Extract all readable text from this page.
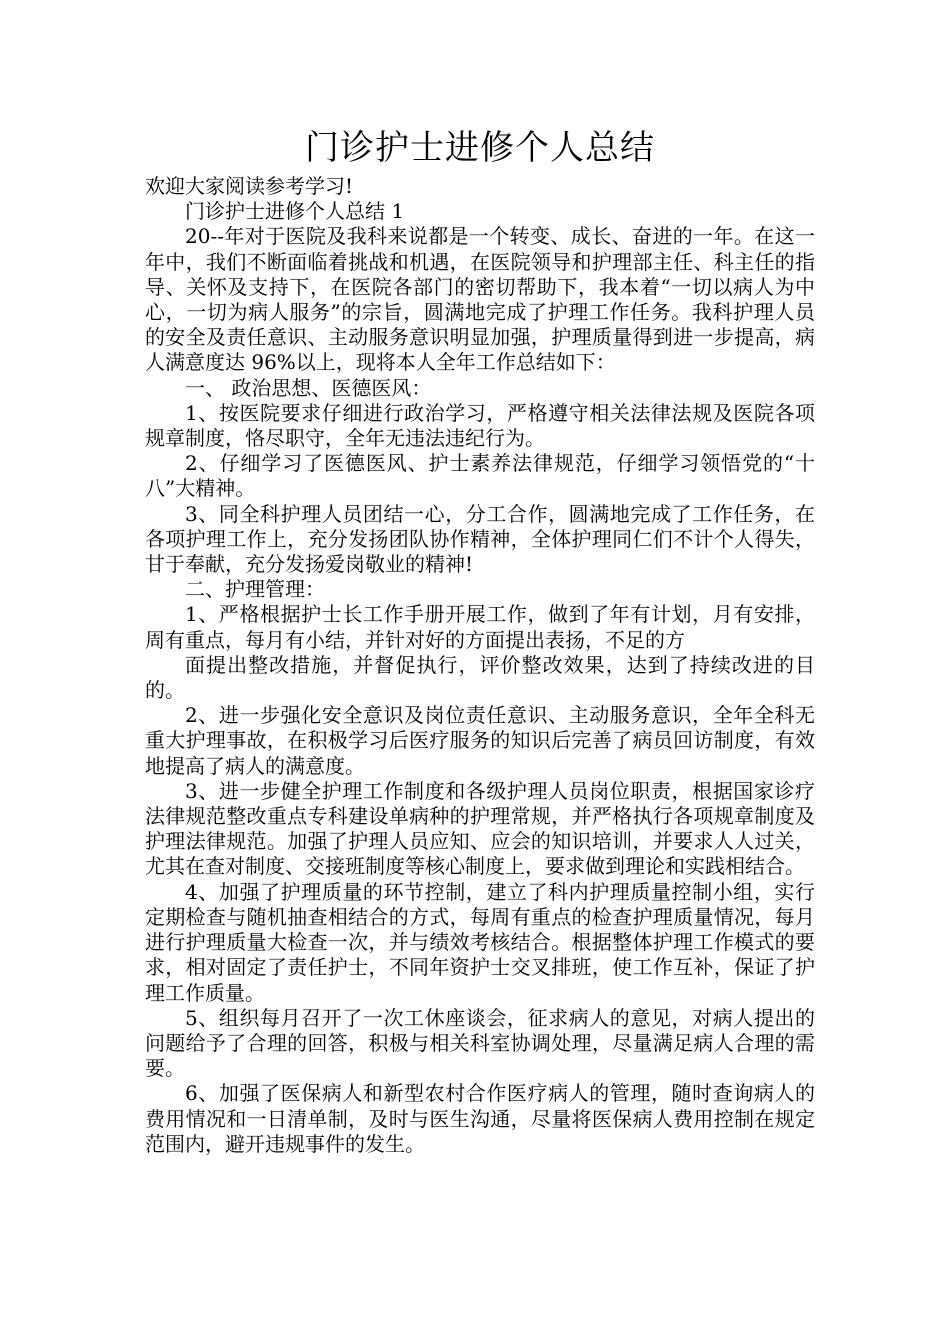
门诊护士进修个人总结

欢迎大家阅读参考学习!

门诊护士进修个人总结 1

20--年对于医院及我科来说都是一个转变、成长、奋进的一年。在这一年中，我们不断面临着挑战和机遇，在医院领导和护理部主任、科主任的指导、关怀及支持下，在医院各部门的密切帮助下，我本着“一切以病人为中心，一切为病人服务”的宗旨，圆满地完成了护理工作任务。我科护理人员的安全及责任意识、主动服务意识明显加强，护理质量得到进一步提高，病人满意度达 96%以上，现将本人全年工作总结如下：

一、 政治思想、医德医风：

1、按医院要求仔细进行政治学习，严格遵守相关法律法规及医院各项规章制度，恪尽职守，全年无违法违纪行为。

2、仔细学习了医德医风、护士素养法律规范，仔细学习领悟党的“十八”大精神。

3、同全科护理人员团结一心，分工合作，圆满地完成了工作任务，在各项护理工作上，充分发扬团队协作精神，全体护理同仁们不计个人得失，甘于奉献，充分发扬爱岗敬业的精神!

二、护理管理：

1、严格根据护士长工作手册开展工作，做到了年有计划，月有安排，周有重点，每月有小结，并针对好的方面提出表扬，不足的方

面提出整改措施，并督促执行，评价整改效果，达到了持续改进的目的。

2、进一步强化安全意识及岗位责任意识、主动服务意识，全年全科无重大护理事故，在积极学习后医疗服务的知识后完善了病员回访制度，有效地提高了病人的满意度。

3、进一步健全护理工作制度和各级护理人员岗位职责，根据国家诊疗法律规范整改重点专科建设单病种的护理常规，并严格执行各项规章制度及护理法律规范。加强了护理人员应知、应会的知识培训，并要求人人过关，尤其在查对制度、交接班制度等核心制度上，要求做到理论和实践相结合。

4、加强了护理质量的环节控制，建立了科内护理质量控制小组，实行定期检查与随机抽查相结合的方式，每周有重点的检查护理质量情况，每月进行护理质量大检查一次，并与绩效考核结合。根据整体护理工作模式的要求，相对固定了责任护士，不同年资护士交叉排班，使工作互补，保证了护理工作质量。

5、组织每月召开了一次工休座谈会，征求病人的意见，对病人提出的问题给予了合理的回答，积极与相关科室协调处理，尽量满足病人合理的需要。

6、加强了医保病人和新型农村合作医疗病人的管理，随时查询病人的费用情况和一日清单制，及时与医生沟通，尽量将医保病人费用控制在规定范围内，避开违规事件的发生。
